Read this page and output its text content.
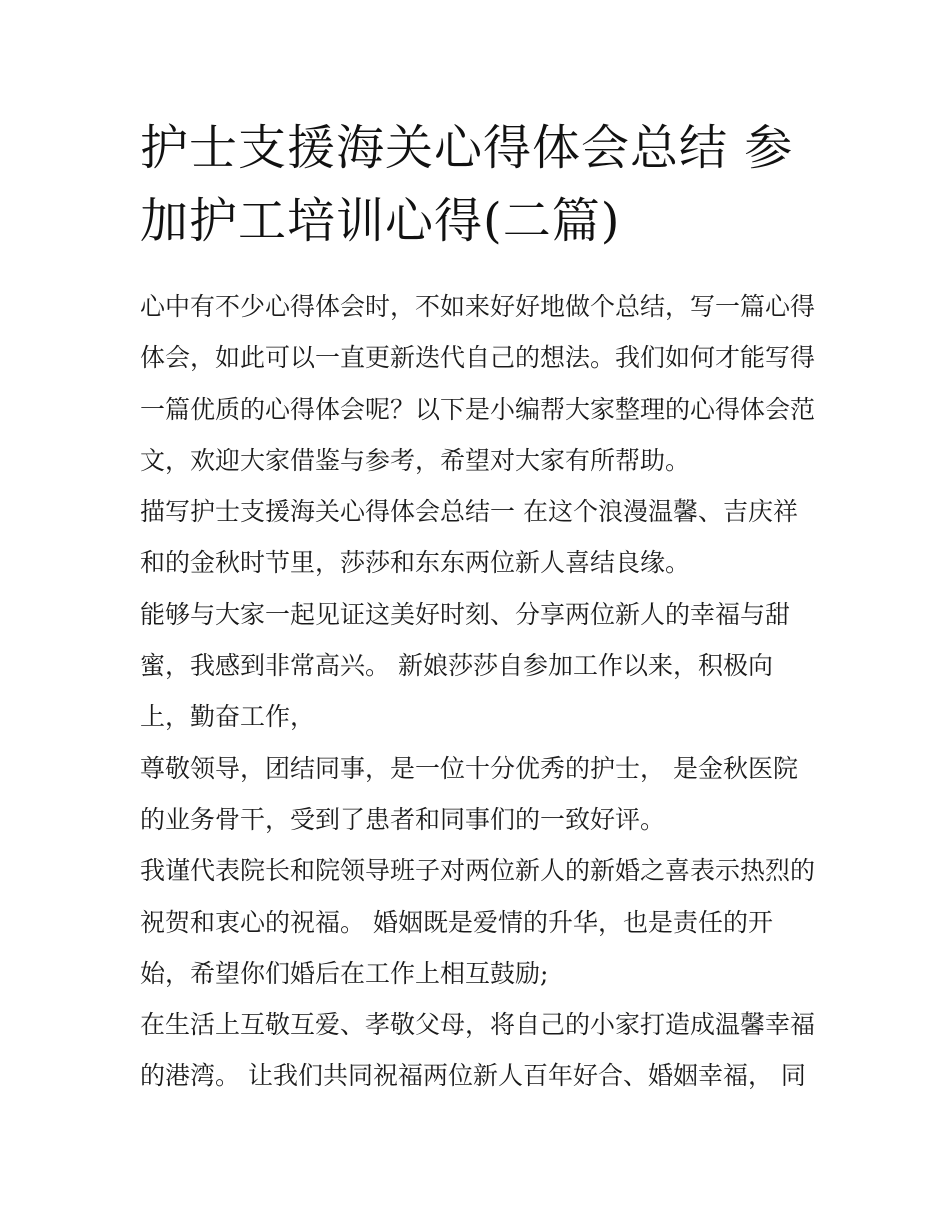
护士支援海关心得体会总结 参
加护工培训心得(二篇)
心中有不少心得体会时，不如来好好地做个总结，写一篇心得
体会，如此可以一直更新迭代自己的想法。我们如何才能写得
一篇优质的心得体会呢？以下是小编帮大家整理的心得体会范
文，欢迎大家借鉴与参考，希望对大家有所帮助。
描写护士支援海关心得体会总结一 在这个浪漫温馨、吉庆祥
和的金秋时节里，莎莎和东东两位新人喜结良缘。
能够与大家一起见证这美好时刻、分享两位新人的幸福与甜
蜜，我感到非常高兴。 新娘莎莎自参加工作以来，积极向
上，勤奋工作，
尊敬领导，团结同事，是一位十分优秀的护士， 是金秋医院
的业务骨干，受到了患者和同事们的一致好评。
我谨代表院长和院领导班子对两位新人的新婚之喜表示热烈的
祝贺和衷心的祝福。 婚姻既是爱情的升华，也是责任的开
始，希望你们婚后在工作上相互鼓励;
在生活上互敬互爱、孝敬父母，将自己的小家打造成温馨幸福
的港湾。 让我们共同祝福两位新人百年好合、婚姻幸福， 同
